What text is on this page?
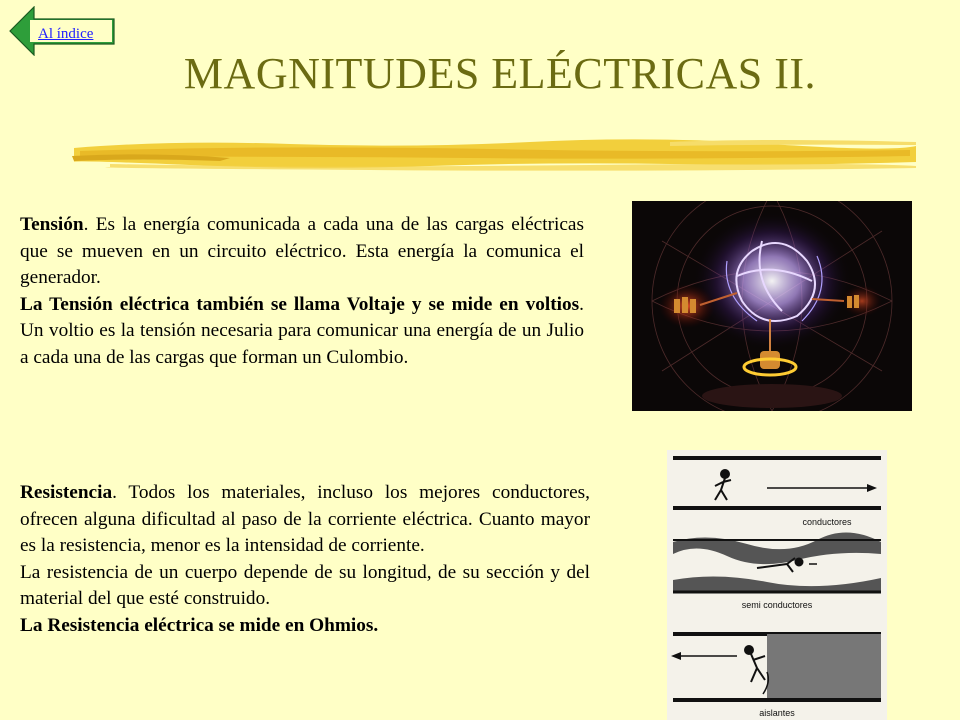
Al índice
MAGNITUDES ELÉCTRICAS II.

Tensión. Es la energía comunicada a cada una de las cargas eléctricas que se mueven en un circuito eléctrico. Esta energía la comunica el generador.
La Tensión eléctrica también se llama Voltaje y se mide en voltios. Un voltio es la tensión necesaria para comunicar una energía de un Julio a cada una de las cargas que forman un Culombio.

Resistencia. Todos los materiales, incluso los mejores conductores, ofrecen alguna dificultad al paso de la corriente eléctrica. Cuanto mayor es la resistencia, menor es la intensidad de corriente.
La resistencia de un cuerpo depende de su longitud, de su sección y del material del que esté construido.
La Resistencia eléctrica se mide en Ohmios.

conductores
semi conductores
aislantes
